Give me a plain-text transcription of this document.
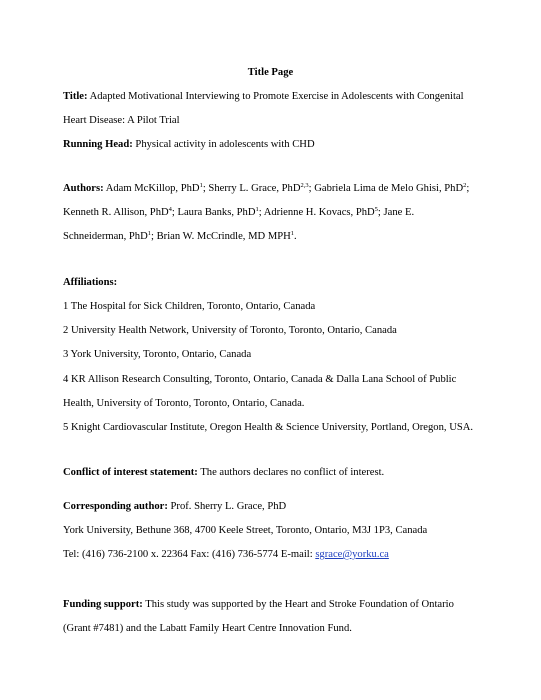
Title Page
Title: Adapted Motivational Interviewing to Promote Exercise in Adolescents with Congenital
Heart Disease: A Pilot Trial
Running Head: Physical activity in adolescents with CHD
Authors: Adam McKillop, PhD$^1$; Sherry L. Grace, PhD$^{2,3}$; Gabriela Lima de Melo Ghisi, PhD$^2$;
Kenneth R. Allison, PhD$^4$; Laura Banks, PhD$^1$; Adrienne H. Kovacs, PhD$^5$; Jane E.
Schneiderman, PhD$^1$; Brian W. McCrindle, MD MPH$^1$.
Affiliations:
1 The Hospital for Sick Children, Toronto, Ontario, Canada
2 University Health Network, University of Toronto, Toronto, Ontario, Canada
3 York University, Toronto, Ontario, Canada
4 KR Allison Research Consulting, Toronto, Ontario, Canada & Dalla Lana School of Public
Health, University of Toronto, Toronto, Ontario, Canada.
5 Knight Cardiovascular Institute, Oregon Health & Science University, Portland, Oregon, USA.
Conflict of interest statement: The authors declares no conflict of interest.
Corresponding author: Prof. Sherry L. Grace, PhD
York University, Bethune 368, 4700 Keele Street, Toronto, Ontario, M3J 1P3, Canada
Tel: (416) 736-2100 x. 22364 Fax: (416) 736-5774 E-mail: sgrace@yorku.ca
Funding support: This study was supported by the Heart and Stroke Foundation of Ontario
(Grant #7481) and the Labatt Family Heart Centre Innovation Fund.
